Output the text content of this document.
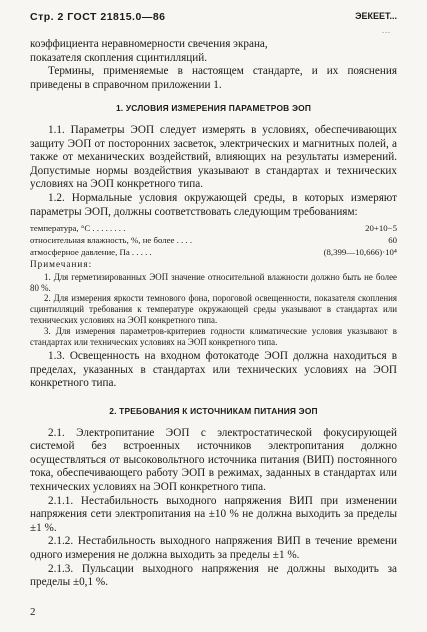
Стр. 2 ГОСТ 21815.0—86	ЭЕКЕЕТ...
...

коэффициента неравномерности свечения экрана,

показателя скопления сцинтилляций.

Термины, применяемые в настоящем стандарте, и их пояснения приведены в справочном приложении 1.

1. УСЛОВИЯ ИЗМЕРЕНИЯ ПАРАМЕТРОВ ЭОП

1.1. Параметры ЭОП следует измерять в условиях, обеспечивающих защиту ЭОП от посторонних засветок, электрических и магнитных полей, а также от механических воздействий, влияющих на результаты измерений. Допустимые нормы воздействия указывают в стандартах и технических условиях на ЭОП конкретного типа.

1.2. Нормальные условия окружающей среды, в которых измеряют параметры ЭОП, должны соответствовать следующим требованиям:

температура, °С . . . . . . . .	20+10−5
относительная влажность, %, не более . . . .	60
атмосферное давление, Па . . . . .	(8,399—10,666)·10⁴

Примечания:

1. Для герметизированных ЭОП значение относительной влажности должно быть не более 80 %.

2. Для измерения яркости темнового фона, пороговой освещенности, показателя скопления сцинтилляций требования к температуре окружающей среды указывают в стандартах или технических условиях на ЭОП конкретного типа.

3. Для измерения параметров-критериев годности климатические условия указывают в стандартах или технических условиях на ЭОП конкретного типа.

1.3. Освещенность на входном фотокатоде ЭОП должна находиться в пределах, указанных в стандартах или технических условиях на ЭОП конкретного типа.

2. ТРЕБОВАНИЯ К ИСТОЧНИКАМ ПИТАНИЯ ЭОП

2.1. Электропитание ЭОП с электростатической фокусирующей системой без встроенных источников электропитания должно осуществляться от высоковольтного источника питания (ВИП) постоянного тока, обеспечивающего работу ЭОП в режимах, заданных в стандартах или технических условиях на ЭОП конкретного типа.

2.1.1. Нестабильность выходного напряжения ВИП при изменении напряжения сети электропитания на ±10 % не должна выходить за пределы ±1 %.

2.1.2. Нестабильность выходного напряжения ВИП в течение времени одного измерения не должна выходить за пределы ±1 %.

2.1.3. Пульсации выходного напряжения не должны выходить за пределы ±0,1 %.

2
